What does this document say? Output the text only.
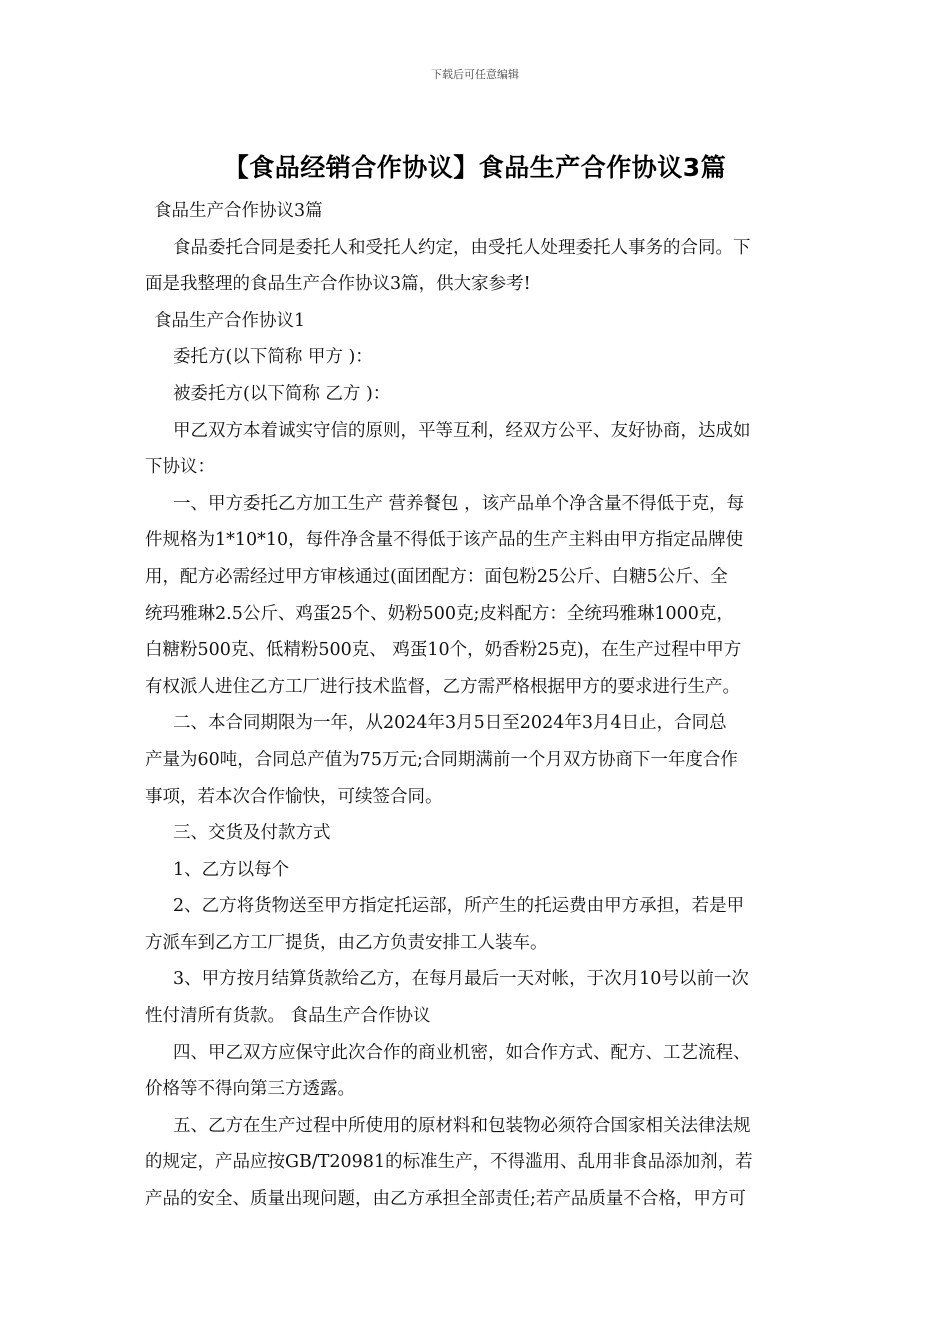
下载后可任意编辑
【食品经销合作协议】食品生产合作协议3篇

食品生产合作协议3篇

食品委托合同是委托人和受托人约定，由受托人处理委托人事务的合同。下

面是我整理的食品生产合作协议3篇，供大家参考!

食品生产合作协议1

委托方(以下简称 甲方 )：

被委托方(以下简称 乙方 )：

甲乙双方本着诚实守信的原则，平等互利，经双方公平、友好协商，达成如

下协议：

一、甲方委托乙方加工生产 营养餐包 ，该产品单个净含量不得低于克，每

件规格为1*10*10，每件净含量不得低于该产品的生产主料由甲方指定品牌使

用，配方必需经过甲方审核通过(面团配方：面包粉25公斤、白糖5公斤、全

统玛雅琳2.5公斤、鸡蛋25个、奶粉500克;皮料配方：全统玛雅琳1000克，

白糖粉500克、低精粉500克、 鸡蛋10个，奶香粉25克)，在生产过程中甲方

有权派人进住乙方工厂进行技术监督，乙方需严格根据甲方的要求进行生产。

二、本合同期限为一年，从2024年3月5日至2024年3月4日止，合同总

产量为60吨，合同总产值为75万元;合同期满前一个月双方协商下一年度合作

事项，若本次合作愉快，可续签合同。

三、交货及付款方式

1、乙方以每个

2、乙方将货物送至甲方指定托运部，所产生的托运费由甲方承担，若是甲

方派车到乙方工厂提货，由乙方负责安排工人装车。

3、甲方按月结算货款给乙方，在每月最后一天对帐，于次月10号以前一次

性付清所有货款。 食品生产合作协议

四、甲乙双方应保守此次合作的商业机密，如合作方式、配方、工艺流程、

价格等不得向第三方透露。

五、乙方在生产过程中所使用的原材料和包装物必须符合国家相关法律法规

的规定，产品应按GB/T20981的标准生产，不得滥用、乱用非食品添加剂，若

产品的安全、质量出现问题，由乙方承担全部责任;若产品质量不合格，甲方可
